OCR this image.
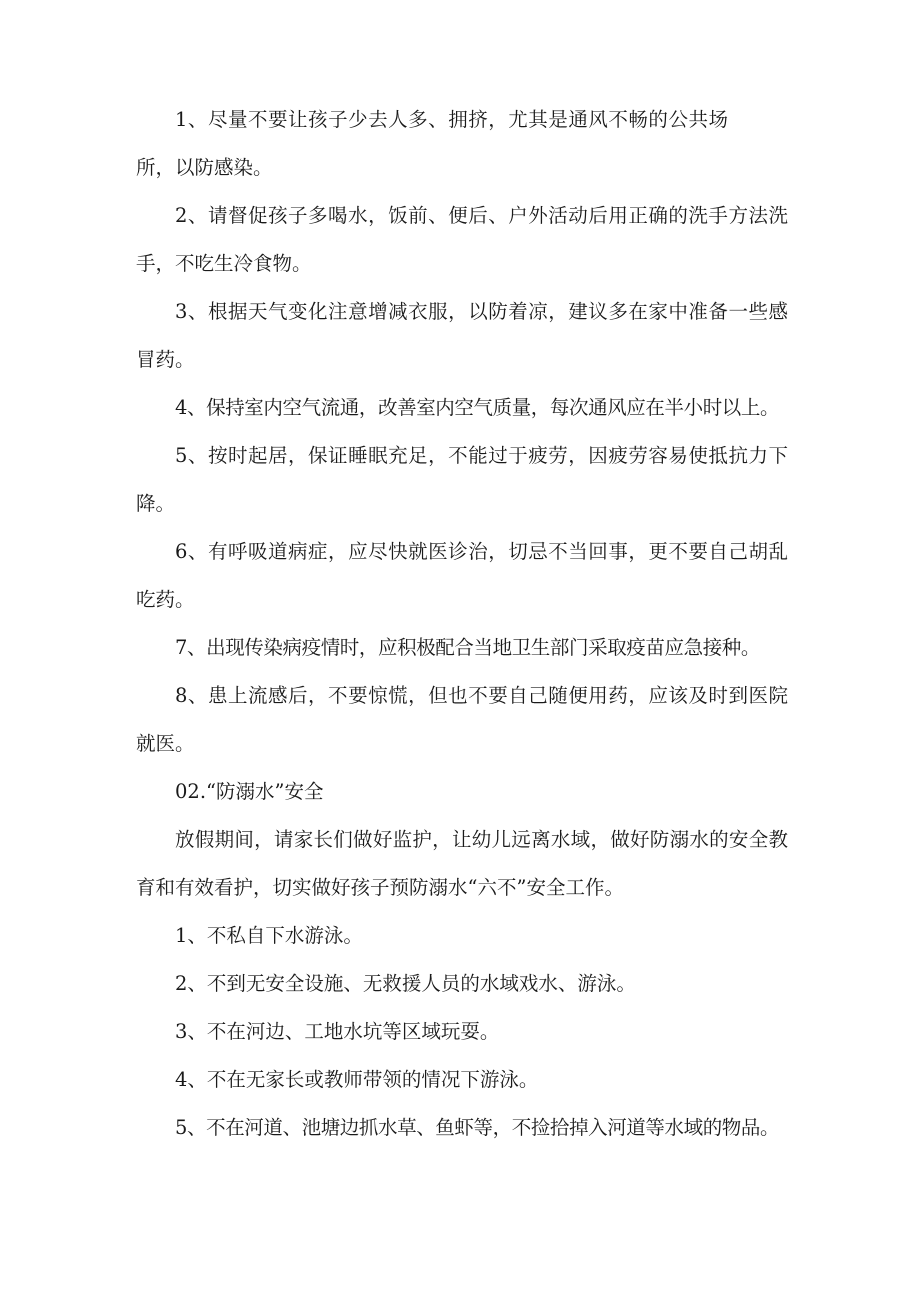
1、尽量不要让孩子少去人多、拥挤，尤其是通风不畅的公共场所，以防感染。

2、请督促孩子多喝水，饭前、便后、户外活动后用正确的洗手方法洗手，不吃生冷食物。

3、根据天气变化注意增减衣服，以防着凉，建议多在家中准备一些感冒药。

4、保持室内空气流通，改善室内空气质量，每次通风应在半小时以上。

5、按时起居，保证睡眠充足，不能过于疲劳，因疲劳容易使抵抗力下降。

6、有呼吸道病症，应尽快就医诊治，切忌不当回事，更不要自己胡乱吃药。

7、出现传染病疫情时，应积极配合当地卫生部门采取疫苗应急接种。

8、患上流感后，不要惊慌，但也不要自己随便用药，应该及时到医院就医。

02.“防溺水”安全

放假期间，请家长们做好监护，让幼儿远离水域，做好防溺水的安全教育和有效看护，切实做好孩子预防溺水“六不”安全工作。

1、不私自下水游泳。

2、不到无安全设施、无救援人员的水域戏水、游泳。

3、不在河边、工地水坑等区域玩耍。

4、不在无家长或教师带领的情况下游泳。

5、不在河道、池塘边抓水草、鱼虾等，不捡拾掉入河道等水域的物品。
